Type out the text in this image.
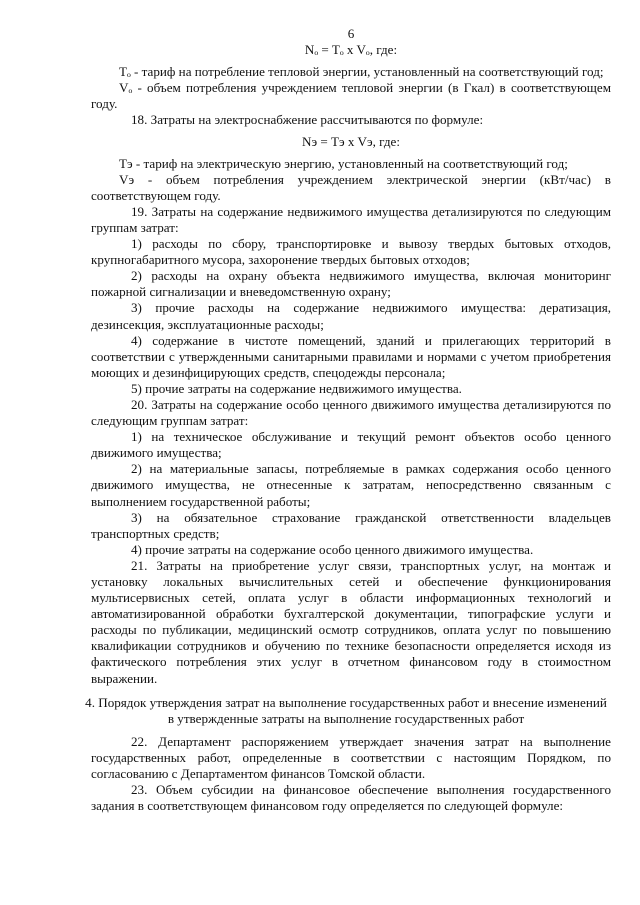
6
Nₒ = Tₒ x Vₒ, где:

Tₒ - тариф на потребление тепловой энергии, установленный на соответствующий год;

Vₒ - объем потребления учреждением тепловой энергии (в Гкал) в соответствующем году.

18. Затраты на электроснабжение рассчитываются по формуле:

Nэ = Tэ x Vэ, где:

Tэ - тариф на электрическую энергию, установленный на соответствующий год;

Vэ - объем потребления учреждением электрической энергии (кВт/час) в соответствующем году.

19. Затраты на содержание недвижимого имущества детализируются по следующим группам затрат:

1) расходы по сбору, транспортировке и вывозу твердых бытовых отходов, крупногабаритного мусора, захоронение твердых бытовых отходов;

2) расходы на охрану объекта недвижимого имущества, включая мониторинг пожарной сигнализации и вневедомственную охрану;

3) прочие расходы на содержание недвижимого имущества: дератизация, дезинсекция, эксплуатационные расходы;

4) содержание в чистоте помещений, зданий и прилегающих территорий в соответствии с утвержденными санитарными правилами и нормами с учетом приобретения моющих и дезинфицирующих средств, спецодежды персонала;

5) прочие затраты на содержание недвижимого имущества.

20. Затраты на содержание особо ценного движимого имущества детализируются по следующим группам затрат:

1) на техническое обслуживание и текущий ремонт объектов особо ценного движимого имущества;

2) на материальные запасы, потребляемые в рамках содержания особо ценного движимого имущества, не отнесенные к затратам, непосредственно связанным с выполнением государственной работы;

3) на обязательное страхование гражданской ответственности владельцев транспортных средств;

4) прочие затраты на содержание особо ценного движимого имущества.

21. Затраты на приобретение услуг связи, транспортных услуг, на монтаж и установку локальных вычислительных сетей и обеспечение функционирования мультисервисных сетей, оплата услуг в области информационных технологий и автоматизированной обработки бухгалтерской документации, типографские услуги и расходы по публикации, медицинский осмотр сотрудников, оплата услуг по повышению квалификации сотрудников и обучению по технике безопасности определяется исходя из фактического потребления этих услуг в отчетном финансовом году в стоимостном выражении.

4. Порядок утверждения затрат на выполнение государственных работ и внесение изменений в утвержденные затраты на выполнение государственных работ

22. Департамент распоряжением утверждает значения затрат на выполнение государственных работ, определенные в соответствии с настоящим Порядком, по согласованию с Департаментом финансов Томской области.

23. Объем субсидии на финансовое обеспечение выполнения государственного задания в соответствующем финансовом году определяется по следующей формуле:
